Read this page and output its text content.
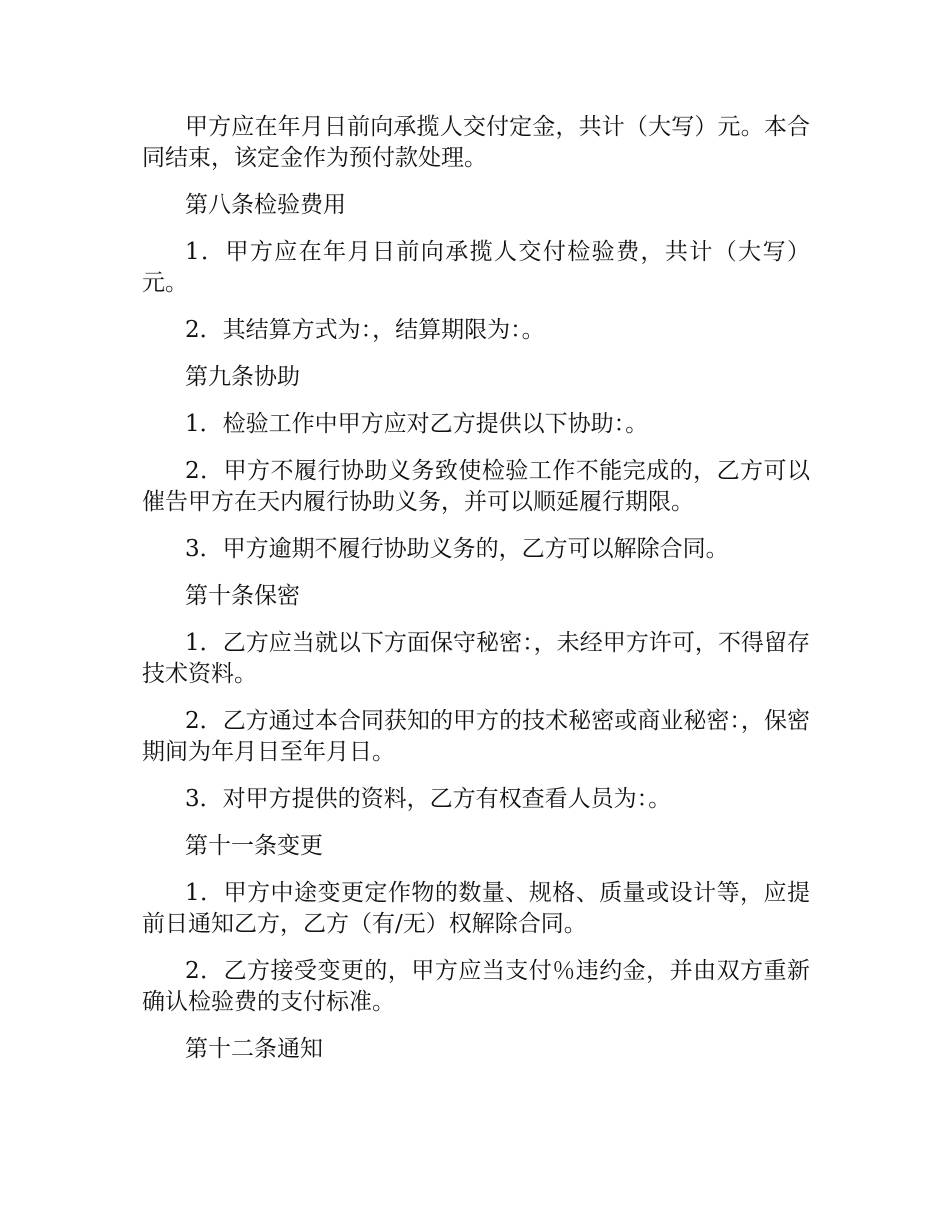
甲方应在年月日前向承揽人交付定金，共计（大写）元。本合同结束，该定金作为预付款处理。

第八条检验费用

1．甲方应在年月日前向承揽人交付检验费，共计（大写）元。

2．其结算方式为：，结算期限为：。

第九条协助

1．检验工作中甲方应对乙方提供以下协助：。

2．甲方不履行协助义务致使检验工作不能完成的，乙方可以催告甲方在天内履行协助义务，并可以顺延履行期限。

3．甲方逾期不履行协助义务的，乙方可以解除合同。

第十条保密

1．乙方应当就以下方面保守秘密：，未经甲方许可，不得留存技术资料。

2．乙方通过本合同获知的甲方的技术秘密或商业秘密：，保密期间为年月日至年月日。

3．对甲方提供的资料，乙方有权查看人员为：。

第十一条变更

1．甲方中途变更定作物的数量、规格、质量或设计等，应提前日通知乙方，乙方（有/无）权解除合同。

2．乙方接受变更的，甲方应当支付％违约金，并由双方重新确认检验费的支付标准。

第十二条通知
